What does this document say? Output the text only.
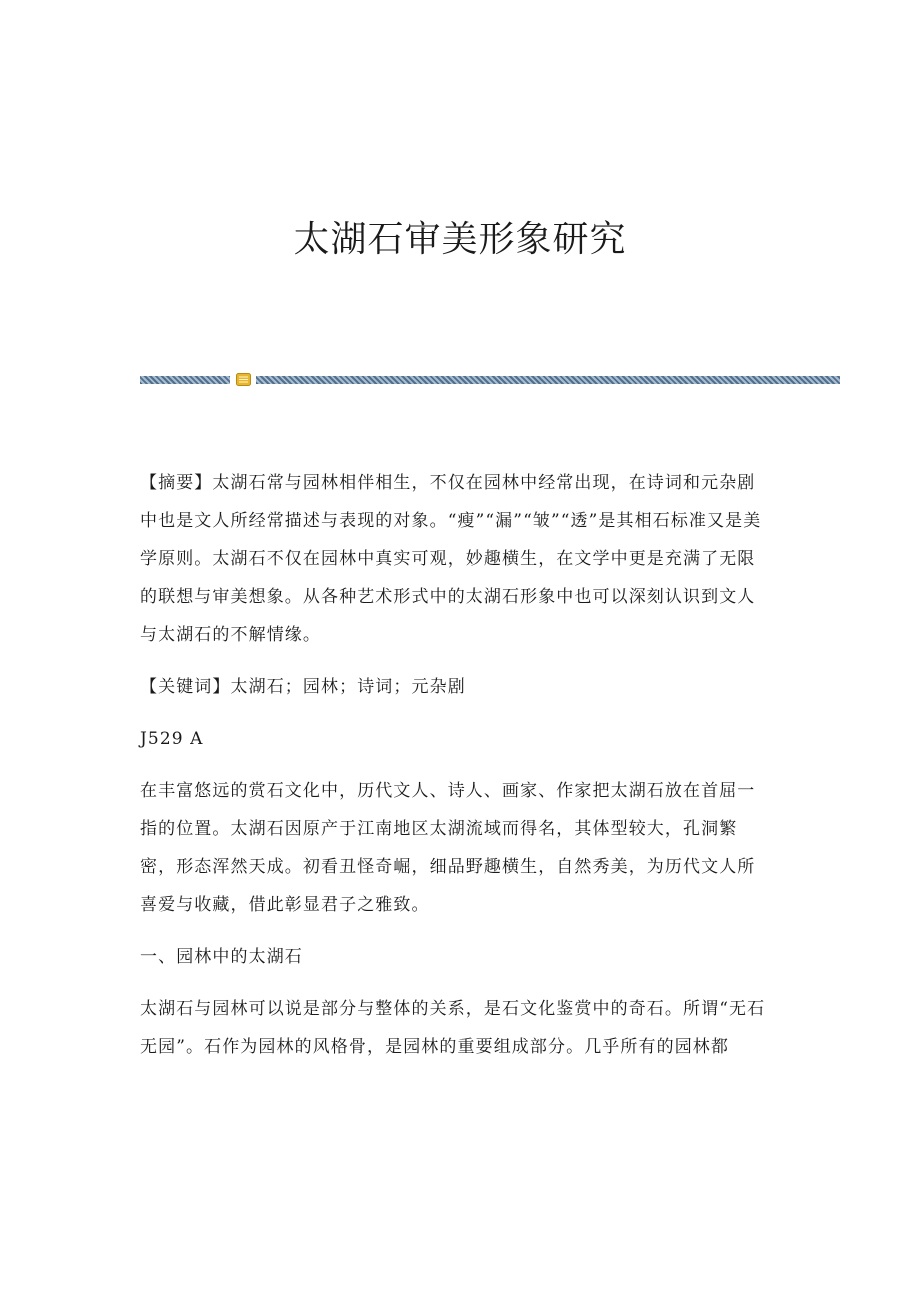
太湖石审美形象研究

【摘要】太湖石常与园林相伴相生，不仅在园林中经常出现，在诗词和元杂剧中也是文人所经常描述与表现的对象。“瘦”“漏”“皱”“透”是其相石标准又是美学原则。太湖石不仅在园林中真实可观，妙趣横生，在文学中更是充满了无限的联想与审美想象。从各种艺术形式中的太湖石形象中也可以深刻认识到文人与太湖石的不解情缘。

【关键词】太湖石；园林；诗词；元杂剧

J529 A

在丰富悠远的赏石文化中，历代文人、诗人、画家、作家把太湖石放在首屈一指的位置。太湖石因原产于江南地区太湖流域而得名，其体型较大，孔洞繁密，形态浑然天成。初看丑怪奇崛，细品野趣横生，自然秀美，为历代文人所喜爱与收藏，借此彰显君子之雅致。

一、园林中的太湖石

太湖石与园林可以说是部分与整体的关系，是石文化鉴赏中的奇石。所谓“无石无园”。石作为园林的风格骨，是园林的重要组成部分。几乎所有的园林都
